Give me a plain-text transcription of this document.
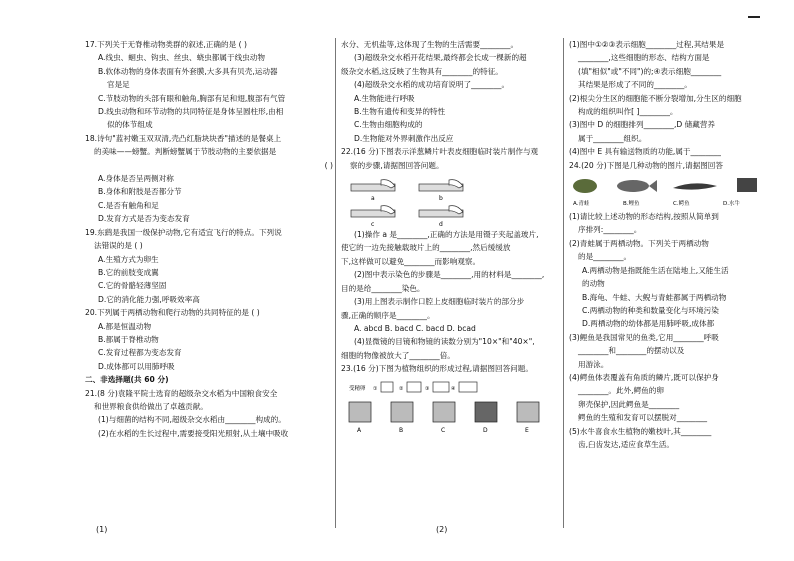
17.下列关于无脊椎动物类群的叙述,正确的是 ( )

A.线虫、蛔虫、钩虫、丝虫、蛲虫都属于线虫动物

B.软体动物的身体表面有外套膜,大多具有贝壳,运动器

官是足

C.节肢动物的头部有眼和触角,胸部有足和翅,腹部有气管

D.线虫动物和环节动物的共同特征是身体呈圆柱形,由相

似的体节组成

18.诗句"蓝衬嫩玉双双清,壳凸红脂块块香"描述的是餐桌上

的美味——螃蟹。判断螃蟹属于节肢动物的主要依据是

( )

A.身体是否呈两侧对称

B.身体和附肢是否都分节

C.是否有触角和足

D.发育方式是否为变态发育

19.东鹞是我国一级保护动物,它有适宜飞行的特点。下列说

法错误的是 ( )

A.生殖方式为卵生

B.它的前肢变成翼

C.它的骨骼轻薄坚固

D.它的消化能力强,呼吸效率高

20.下列属于两栖动物和爬行动物的共同特征的是 ( )

A.都是恒温动物

B.都属于脊椎动物

C.发育过程都为变态发育

D.成体都可以用肺呼吸

二、非选择题(共 60 分)

21.(8 分)袁隆平院士选育的超级杂交水稻为中国粮食安全

和世界粮食供给做出了卓越贡献。

(1)与细菌的结构不同,超级杂交水稻由________构成的。

(2)在水稻的生长过程中,需要接受阳光照射,从土壤中吸收

水分、无机盐等,这体现了生物的生活需要________。

(3)超级杂交水稻开花结果,最终都会长成一棵新的超

级杂交水稻,这反映了生物具有________的特征。

(4)超级杂交水稻的成功培育说明了________。

A.生物能进行呼吸

B.生物有遗传和变异的特性

C.生物由细胞构成的

D.生物能对外界刺激作出反应

22.(16 分)下图表示洋葱鳞片叶表皮细胞临时装片制作与观

察的步骤,请据图回答问题。

a	b
c	d

(1)操作 a 是________,正确的方法是用镊子夹起盖玻片,

使它的一边先接触载玻片上的________,然后缓缓放

下,这样做可以避免________而影响观察。

(2)图中表示染色的步骤是________,用的材料是________,

目的是给________染色。

(3)用上图表示制作口腔上皮细胞临时装片的部分步

骤,正确的顺序是________。

A. abcd B. bacd C. bacd D. bcad

(4)显微镜的目镜和物镜的读数分别为"10×"和"40×",

细胞的物像被放大了________倍。

23.(16 分)下图为植物组织的形成过程,请据图回答问题。

受精卵 ①	②	③	④
A	B	C	D	E

(1)图中①②③表示细胞________过程,其结果是

________,这些细胞的形态、结构方面是

(填"相似"或"不同")的;④表示细胞________

其结果是形成了不同的________。

(2)根尖分生区的细胞能不断分裂增加,分生区的细胞

构成的组织叫作[ ]________。

(3)图中 D 的细胞排列________,D 储藏营养

属于________组织。

(4)图中 E 具有输送物质的功能,属于________

24.(20 分)下图是几种动物的图片,请据图回答

A.青蛙	B.鲤鱼	C.鳄鱼	D.水牛

(1)请比较上述动物的形态结构,按照从简单到

序排列:________。

(2)青蛙属于两栖动物。下列关于两栖动物

的是________。

A.两栖动物是指既能生活在陆地上,又能生活

的动物

B.海龟、牛蛙、大鲵与青蛙都属于两栖动物

C.两栖动物的种类和数量变化与环境污染

D.两栖动物的幼体都是用肺呼吸,成体都

(3)鲤鱼是我国常见的鱼类,它用________呼吸

________和________的摆动以及

用游泳。

(4)鳄鱼体表覆盖有角质的鳞片,既可以保护身

________。此外,鳄鱼的卵

卵壳保护,因此鳄鱼是________

鳄鱼的生殖和发育可以摆脱对________

(5)水牛喜食水生植物的嫩枝叶,其________

齿,臼齿发达,适应食草生活。

(1)	(2)
